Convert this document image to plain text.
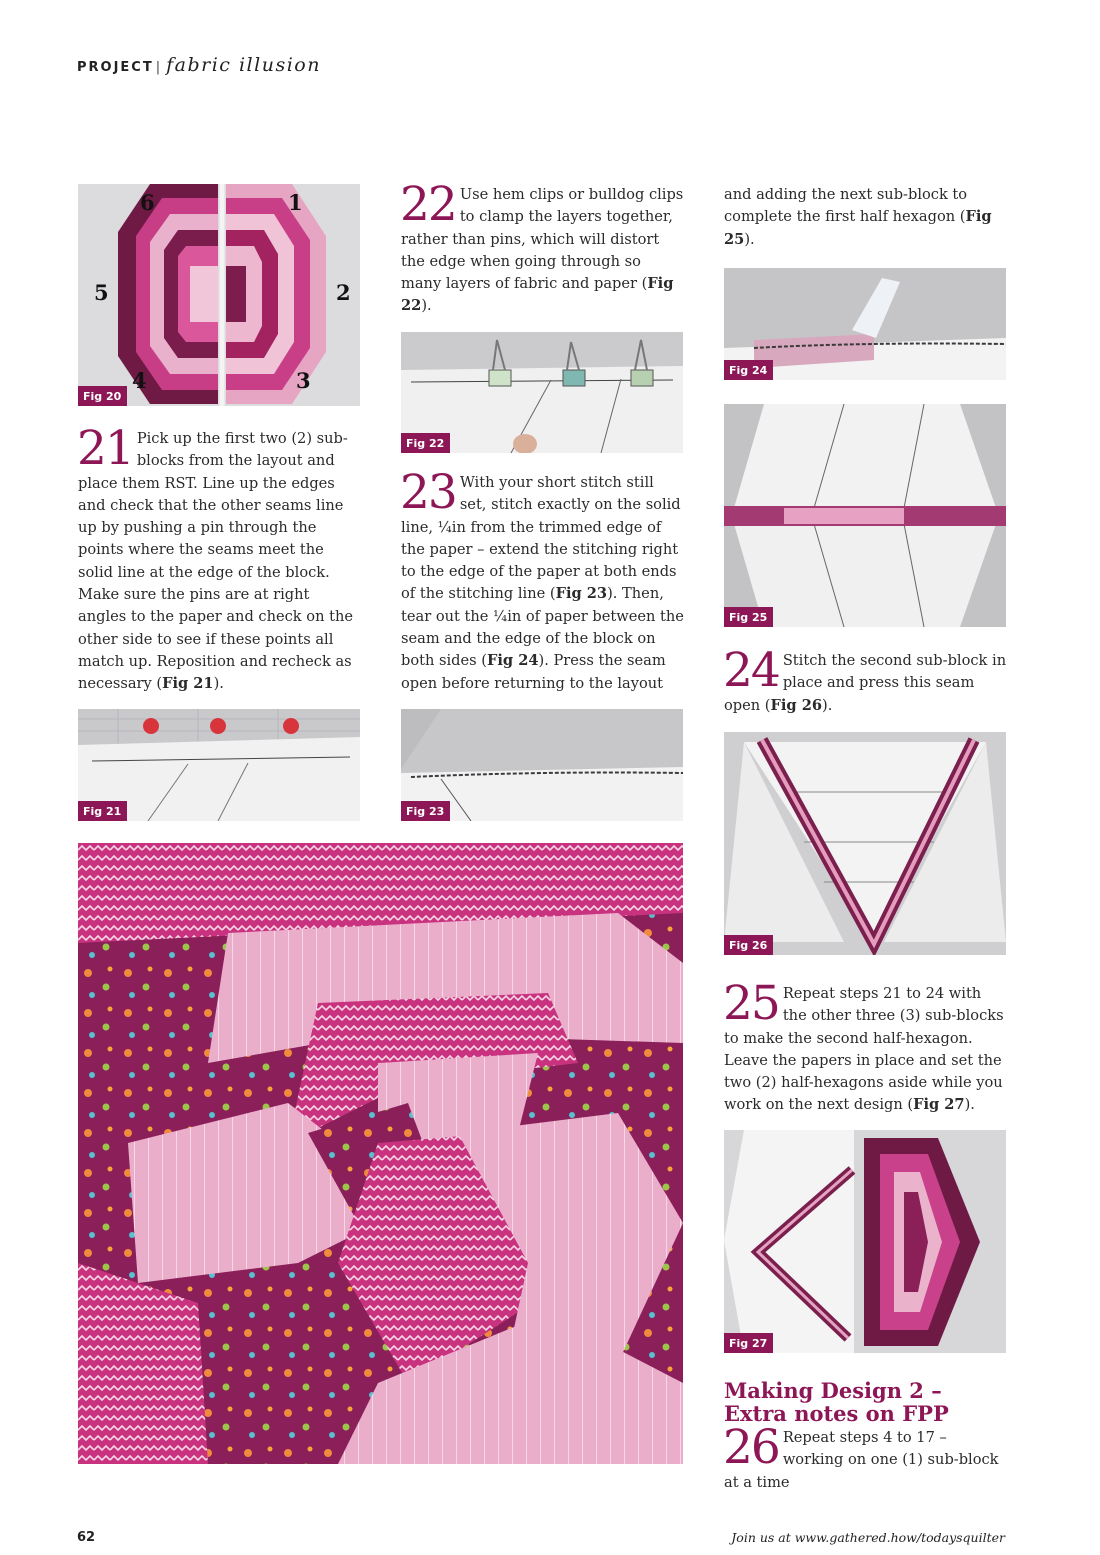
PROJECT | fabric illusion
6	1
5	2
4	3
Fig 20
Fig 21
Fig 22
Fig 23
Fig 24
Fig 25
Fig 26
Fig 27

21 Pick up the first two (2) sub-blocks from the layout and place them RST. Line up the edges and check that the other seams line up by pushing a pin through the points where the seams meet the solid line at the edge of the block. Make sure the pins are at right angles to the paper and check on the other side to see if these points all match up. Reposition and recheck as necessary (Fig 21).

22 Use hem clips or bulldog clips to clamp the layers together, rather than pins, which will distort the edge when going through so many layers of fabric and paper (Fig 22).

23 With your short stitch still set, stitch exactly on the solid line, ¼in from the trimmed edge of the paper – extend the stitching right to the edge of the paper at both ends of the stitching line (Fig 23). Then, tear out the ¼in of paper between the seam and the edge of the block on both sides (Fig 24). Press the seam open before returning to the layout

and adding the next sub-block to complete the first half hexagon (Fig 25).

24 Stitch the second sub-block in place and press this seam open (Fig 26).

25 Repeat steps 21 to 24 with the other three (3) sub-blocks to make the second half-hexagon. Leave the papers in place and set the two (2) half-hexagons aside while you work on the next design (Fig 27).

Making Design 2 –
Extra notes on FPP

26 Repeat steps 4 to 17 – working on one (1) sub-block at a time

62	Join us at www.gathered.how/todaysquilter
